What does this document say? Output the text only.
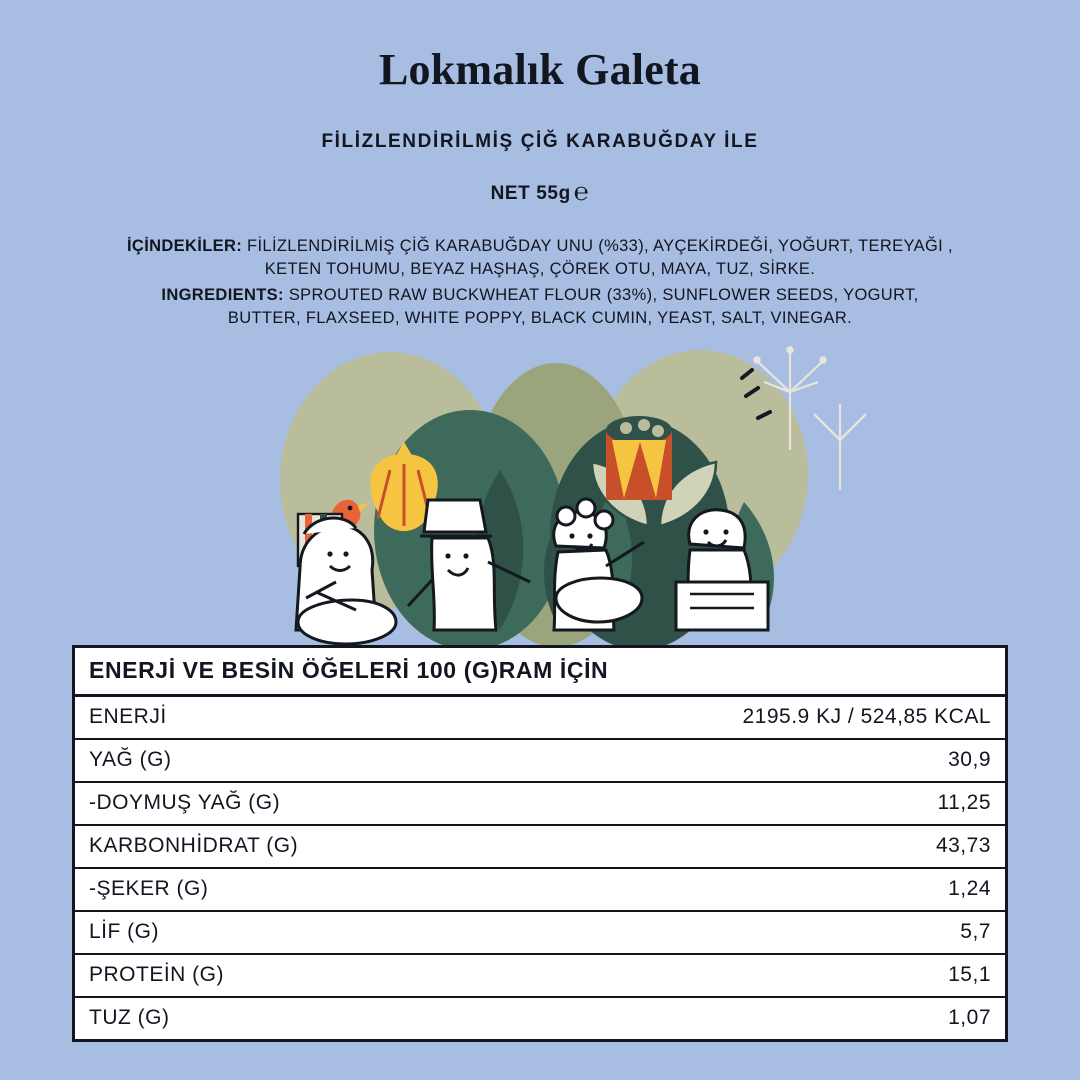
Lokmalık Galeta
FİLİZLENDİRİLMİŞ ÇİĞ KARABUĞDAY İLE
NET 55g ℮
İÇİNDEKİLER: FİLİZLENDİRİLMİŞ ÇİĞ KARABUĞDAY UNU (%33), AYÇEKİRDEĞİ, YOĞURT, TEREYAĞI , KETEN TOHUMU, BEYAZ HAŞHAŞ, ÇÖREK OTU, MAYA, TUZ, SİRKE.
INGREDIENTS: SPROUTED RAW BUCKWHEAT FLOUR (33%), SUNFLOWER SEEDS, YOGURT, BUTTER, FLAXSEED, WHITE POPPY, BLACK CUMIN, YEAST, SALT, VINEGAR.
ENERJİ VE BESİN ÖĞELERİ 100 (G)RAM İÇİN
ENERJİ	2195.9 KJ / 524,85 KCAL
YAĞ (G)	30,9
-DOYMUŞ YAĞ (G)	11,25
KARBONHİDRAT (G)	43,73
-ŞEKER (G)	1,24
LİF (G)	5,7
PROTEİN (G)	15,1
TUZ (G)	1,07
